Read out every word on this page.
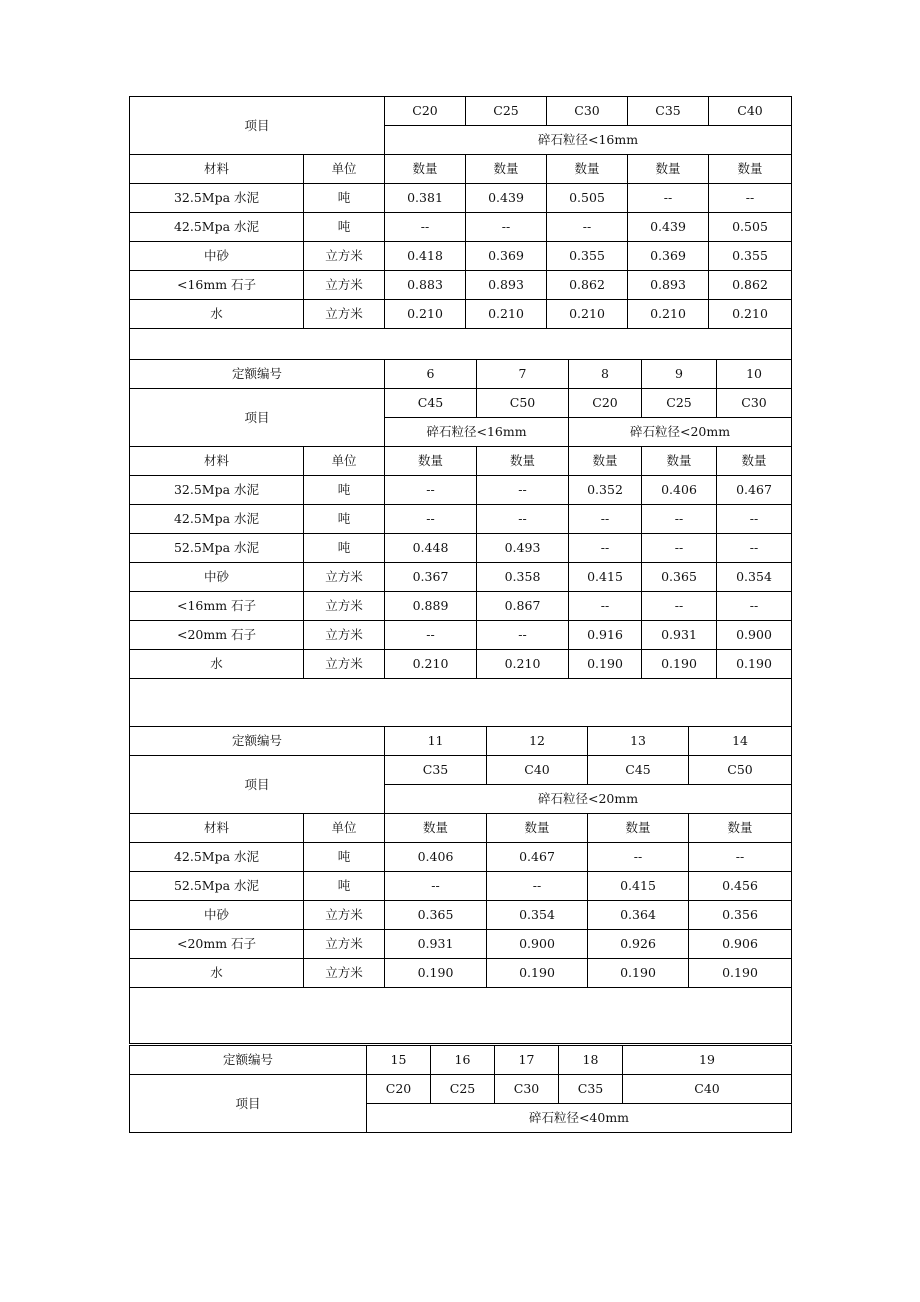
项目		C20	C25	C30	C35	C40
		碎石粒径<16mm				
材料	单位	数量	数量	数量	数量	数量
32.5Mpa 水泥	吨	0.381	0.439	0.505	--	--
42.5Mpa 水泥	吨	--	--	--	0.439	0.505
中砂	立方米	0.418	0.369	0.355	0.369	0.355
<16mm 石子	立方米	0.883	0.893	0.862	0.893	0.862
水	立方米	0.210	0.210	0.210	0.210	0.210

定额编号		6	7	8	9	10
项目		C45	C50	C20	C25	C30
		碎石粒径<16mm		碎石粒径<20mm		
材料	单位	数量	数量	数量	数量	数量
32.5Mpa 水泥	吨	--	--	0.352	0.406	0.467
42.5Mpa 水泥	吨	--	--	--	--	--
52.5Mpa 水泥	吨	0.448	0.493	--	--	--
中砂	立方米	0.367	0.358	0.415	0.365	0.354
<16mm 石子	立方米	0.889	0.867	--	--	--
<20mm 石子	立方米	--	--	0.916	0.931	0.900
水	立方米	0.210	0.210	0.190	0.190	0.190

定额编号		11	12	13	14
项目		C35	C40	C45	C50
		碎石粒径<20mm			
材料	单位	数量	数量	数量	数量
42.5Mpa 水泥	吨	0.406	0.467	--	--
52.5Mpa 水泥	吨	--	--	0.415	0.456
中砂	立方米	0.365	0.354	0.364	0.356
<20mm 石子	立方米	0.931	0.900	0.926	0.906
水	立方米	0.190	0.190	0.190	0.190

定额编号	15	16	17	18	19
项目	C20	C25	C30	C35	C40
	碎石粒径<40mm				
